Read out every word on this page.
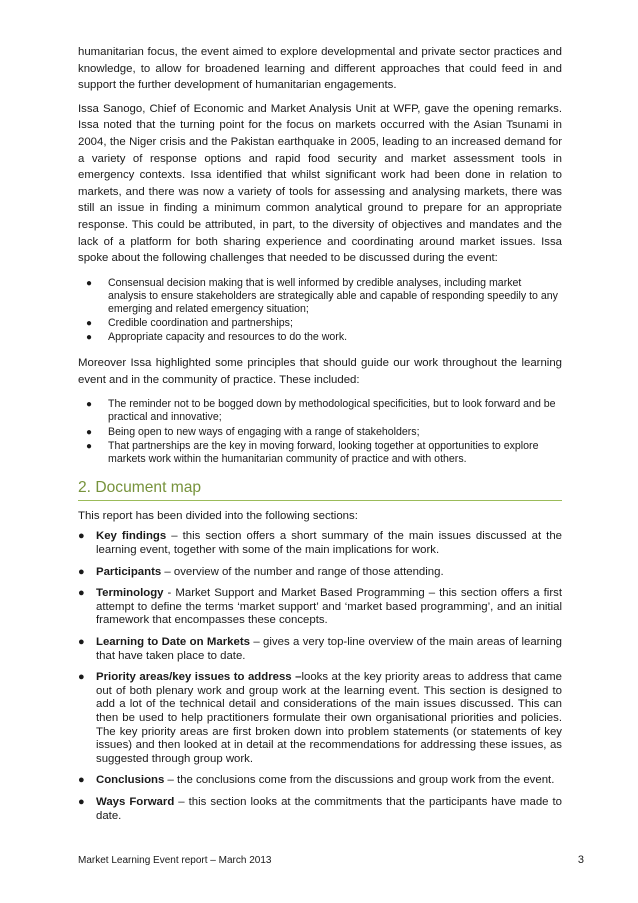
humanitarian focus, the event aimed to explore developmental and private sector practices and knowledge, to allow for broadened learning and different approaches that could feed in and support the further development of humanitarian engagements.

Issa Sanogo, Chief of Economic and Market Analysis Unit at WFP, gave the opening remarks. Issa noted that the turning point for the focus on markets occurred with the Asian Tsunami in 2004, the Niger crisis and the Pakistan earthquake in 2005, leading to an increased demand for a variety of response options and rapid food security and market assessment tools in emergency contexts. Issa identified that whilst significant work had been done in relation to markets, and there was now a variety of tools for assessing and analysing markets, there was still an issue in finding a minimum common analytical ground to prepare for an appropriate response. This could be attributed, in part, to the diversity of objectives and mandates and the lack of a platform for both sharing experience and coordinating around market issues. Issa spoke about the following challenges that needed to be discussed during the event:

● Consensual decision making that is well informed by credible analyses, including market analysis to ensure stakeholders are strategically able and capable of responding speedily to any emerging and related emergency situation;
● Credible coordination and partnerships;
● Appropriate capacity and resources to do the work.

Moreover Issa highlighted some principles that should guide our work throughout the learning event and in the community of practice. These included:

● The reminder not to be bogged down by methodological specificities, but to look forward and be practical and innovative;
● Being open to new ways of engaging with a range of stakeholders;
● That partnerships are the key in moving forward, looking together at opportunities to explore markets work within the humanitarian community of practice and with others.
2. Document map

This report has been divided into the following sections:

● Key findings – this section offers a short summary of the main issues discussed at the learning event, together with some of the main implications for work.
● Participants – overview of the number and range of those attending.
● Terminology - Market Support and Market Based Programming – this section offers a first attempt to define the terms ‘market support’ and ‘market based programming’, and an initial framework that encompasses these concepts.
● Learning to Date on Markets – gives a very top-line overview of the main areas of learning that have taken place to date.
● Priority areas/key issues to address –looks at the key priority areas to address that came out of both plenary work and group work at the learning event. This section is designed to add a lot of the technical detail and considerations of the main issues discussed. This can then be used to help practitioners formulate their own organisational priorities and policies. The key priority areas are first broken down into problem statements (or statements of key issues) and then looked at in detail at the recommendations for addressing these issues, as suggested through group work.
● Conclusions – the conclusions come from the discussions and group work from the event.
● Ways Forward – this section looks at the commitments that the participants have made to date.
Market Learning Event report – March 2013	3
